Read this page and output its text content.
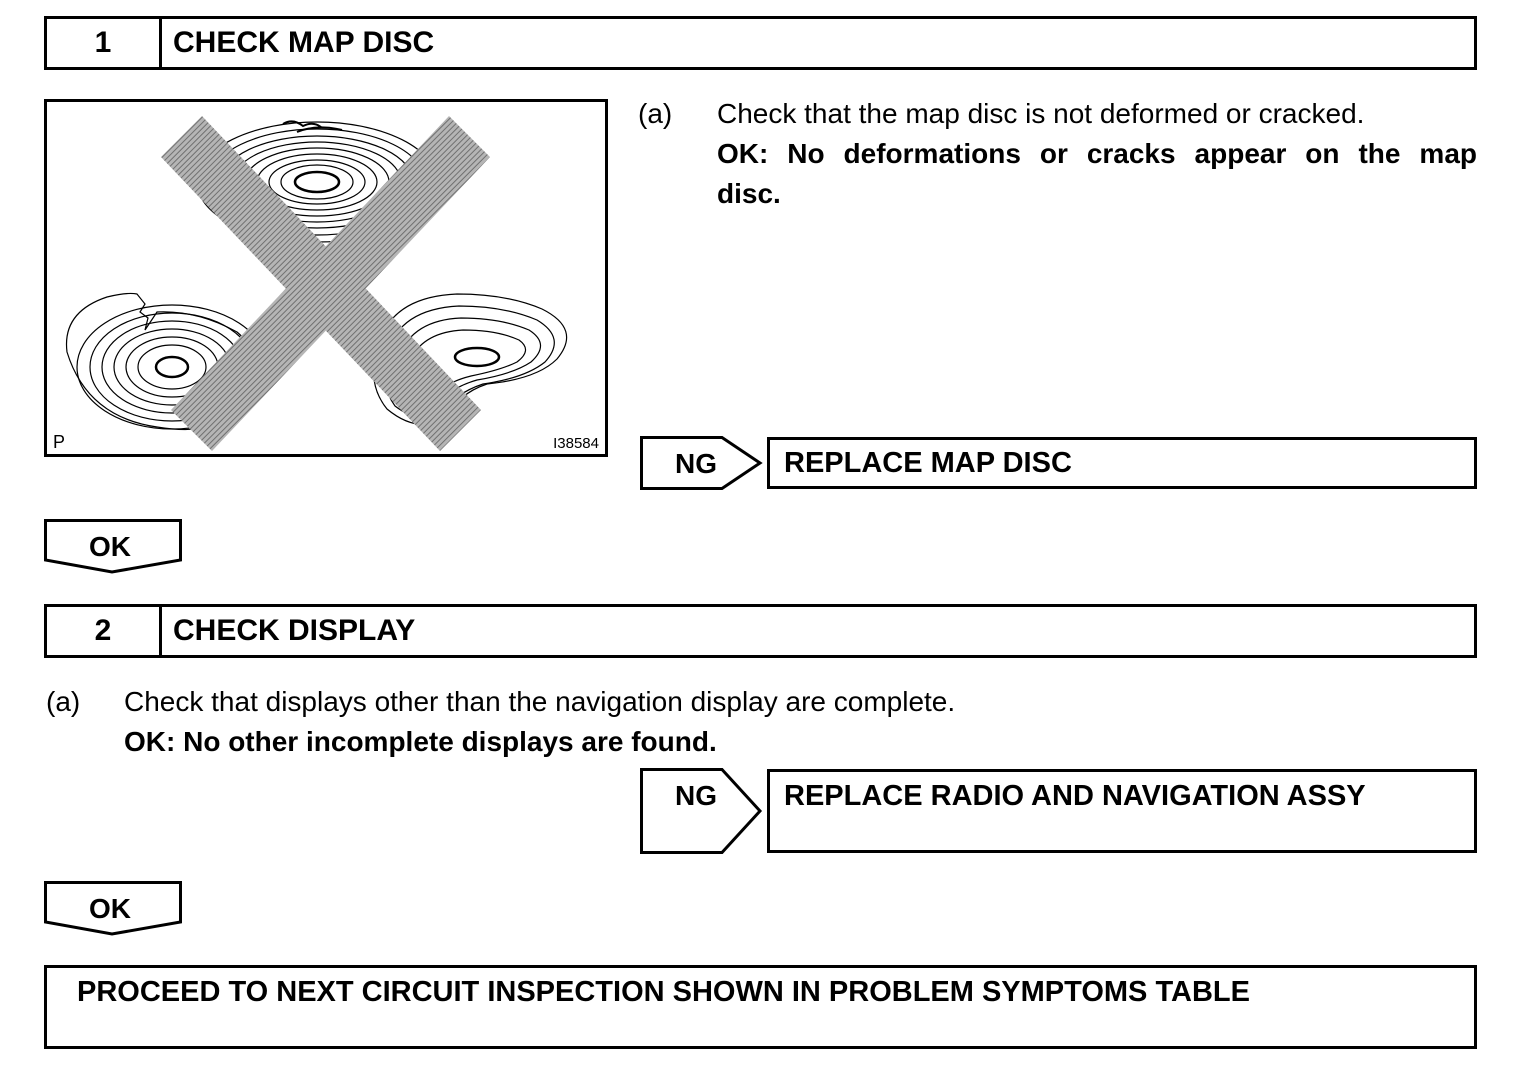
1	CHECK MAP DISC
P	I38584
(a) Check that the map disc is not deformed or cracked.
OK: No deformations or cracks appear on the map
disc.
NG REPLACE MAP DISC
OK
2	CHECK DISPLAY
(a) Check that displays other than the navigation display are complete.
OK: No other incomplete displays are found.
NG	REPLACE RADIO AND NAVIGATION ASSY
OK
PROCEED TO NEXT CIRCUIT INSPECTION SHOWN IN PROBLEM SYMPTOMS TABLE
